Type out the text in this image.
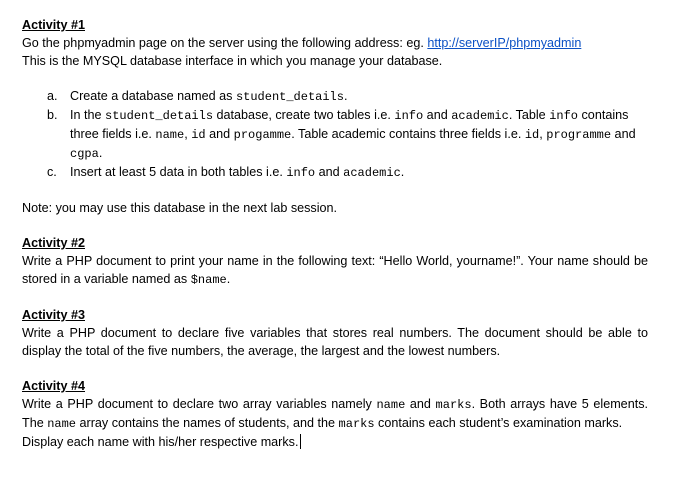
Activity #1
Go the phpmyadmin page on the server using the following address: eg. http://serverIP/phpmyadmin
This is the MYSQL database interface in which you manage your database.
a. Create a database named as student_details.
b. In the student_details database, create two tables i.e. info and academic. Table info contains three fields i.e. name, id and progamme. Table academic contains three fields i.e. id, programme and cgpa.
c. Insert at least 5 data in both tables i.e. info and academic.
Note: you may use this database in the next lab session.
Activity #2
Write a PHP document to print your name in the following text: “Hello World, yourname!”. Your name should be stored in a variable named as $name.
Activity #3
Write a PHP document to declare five variables that stores real numbers. The document should be able to display the total of the five numbers, the average, the largest and the lowest numbers.
Activity #4
Write a PHP document to declare two array variables namely name and marks. Both arrays have 5 elements. The name array contains the names of students, and the marks contains each student’s examination marks.
Display each name with his/her respective marks.
